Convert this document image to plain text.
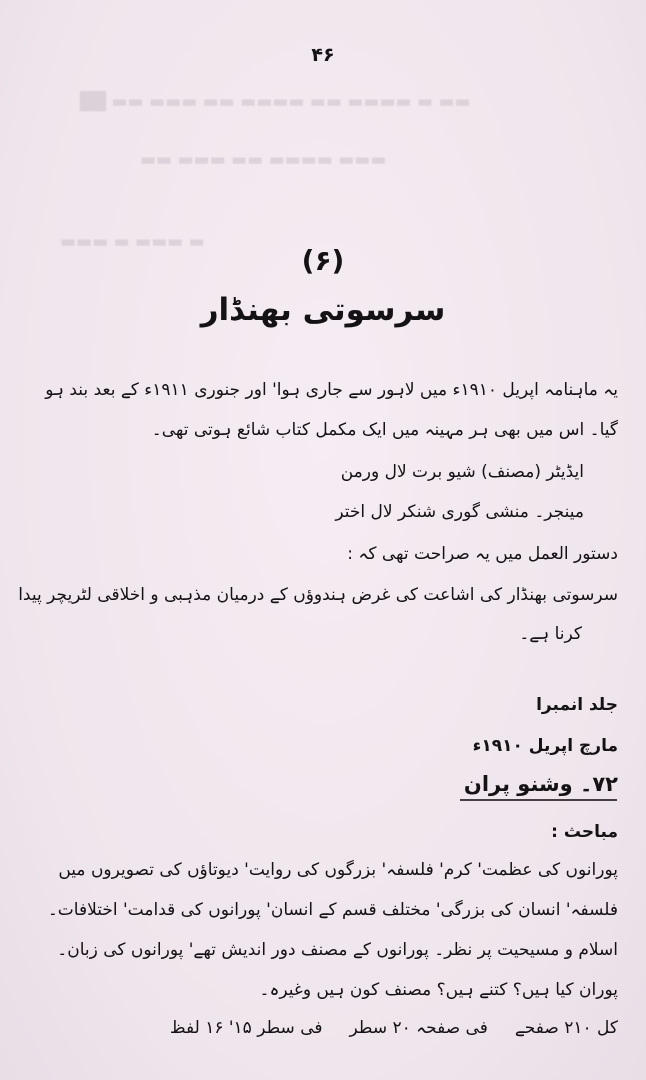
██ ▬▬ ▬▬▬ ▬▬ ▬▬▬▬ ▬▬ ▬▬▬▬ ▬ ▬▬
▬▬ ▬▬▬ ▬▬ ▬▬▬▬ ▬▬▬
▬▬▬ ▬ ▬▬▬ ▬
۴۶
(۶)
سرسوتی بھنڈار
یہ ماہنامہ اپریل ۱۹۱۰ء میں لاہور سے جاری ہوا' اور جنوری ۱۹۱۱ء کے بعد بند ہو
گیا۔ اس میں بھی ہر مہینہ میں ایک مکمل کتاب شائع ہوتی تھی۔
ایڈیٹر (مصنف) شیو برت لال ورمن
مینجر۔ منشی گوری شنکر لال اختر
دستور العمل میں یہ صراحت تھی کہ :
سرسوتی بھنڈار کی اشاعت کی غرض ہندوؤں کے درمیان مذہبی و اخلاقی لٹریچر پیدا
کرنا ہے۔
جلد انمبرا
مارچ اپریل ۱۹۱۰ء
۷۲۔ وشنو پران
مباحث :
پورانوں کی عظمت' کرم' فلسفہ' بزرگوں کی روایت' دیوتاؤں کی تصویروں میں
فلسفہ' انسان کی بزرگی' مختلف قسم کے انسان' پورانوں کی قدامت' اختلافات۔
اسلام و مسیحیت پر نظر۔ پورانوں کے مصنف دور اندیش تھے' پورانوں کی زبان۔
پوران کیا ہیں؟ کتنے ہیں؟ مصنف کون ہیں وغیرہ۔
کل ۲۱۰ صفحے     فی صفحہ ۲۰ سطر     فی سطر ۱۵' ۱۶ لفظ
